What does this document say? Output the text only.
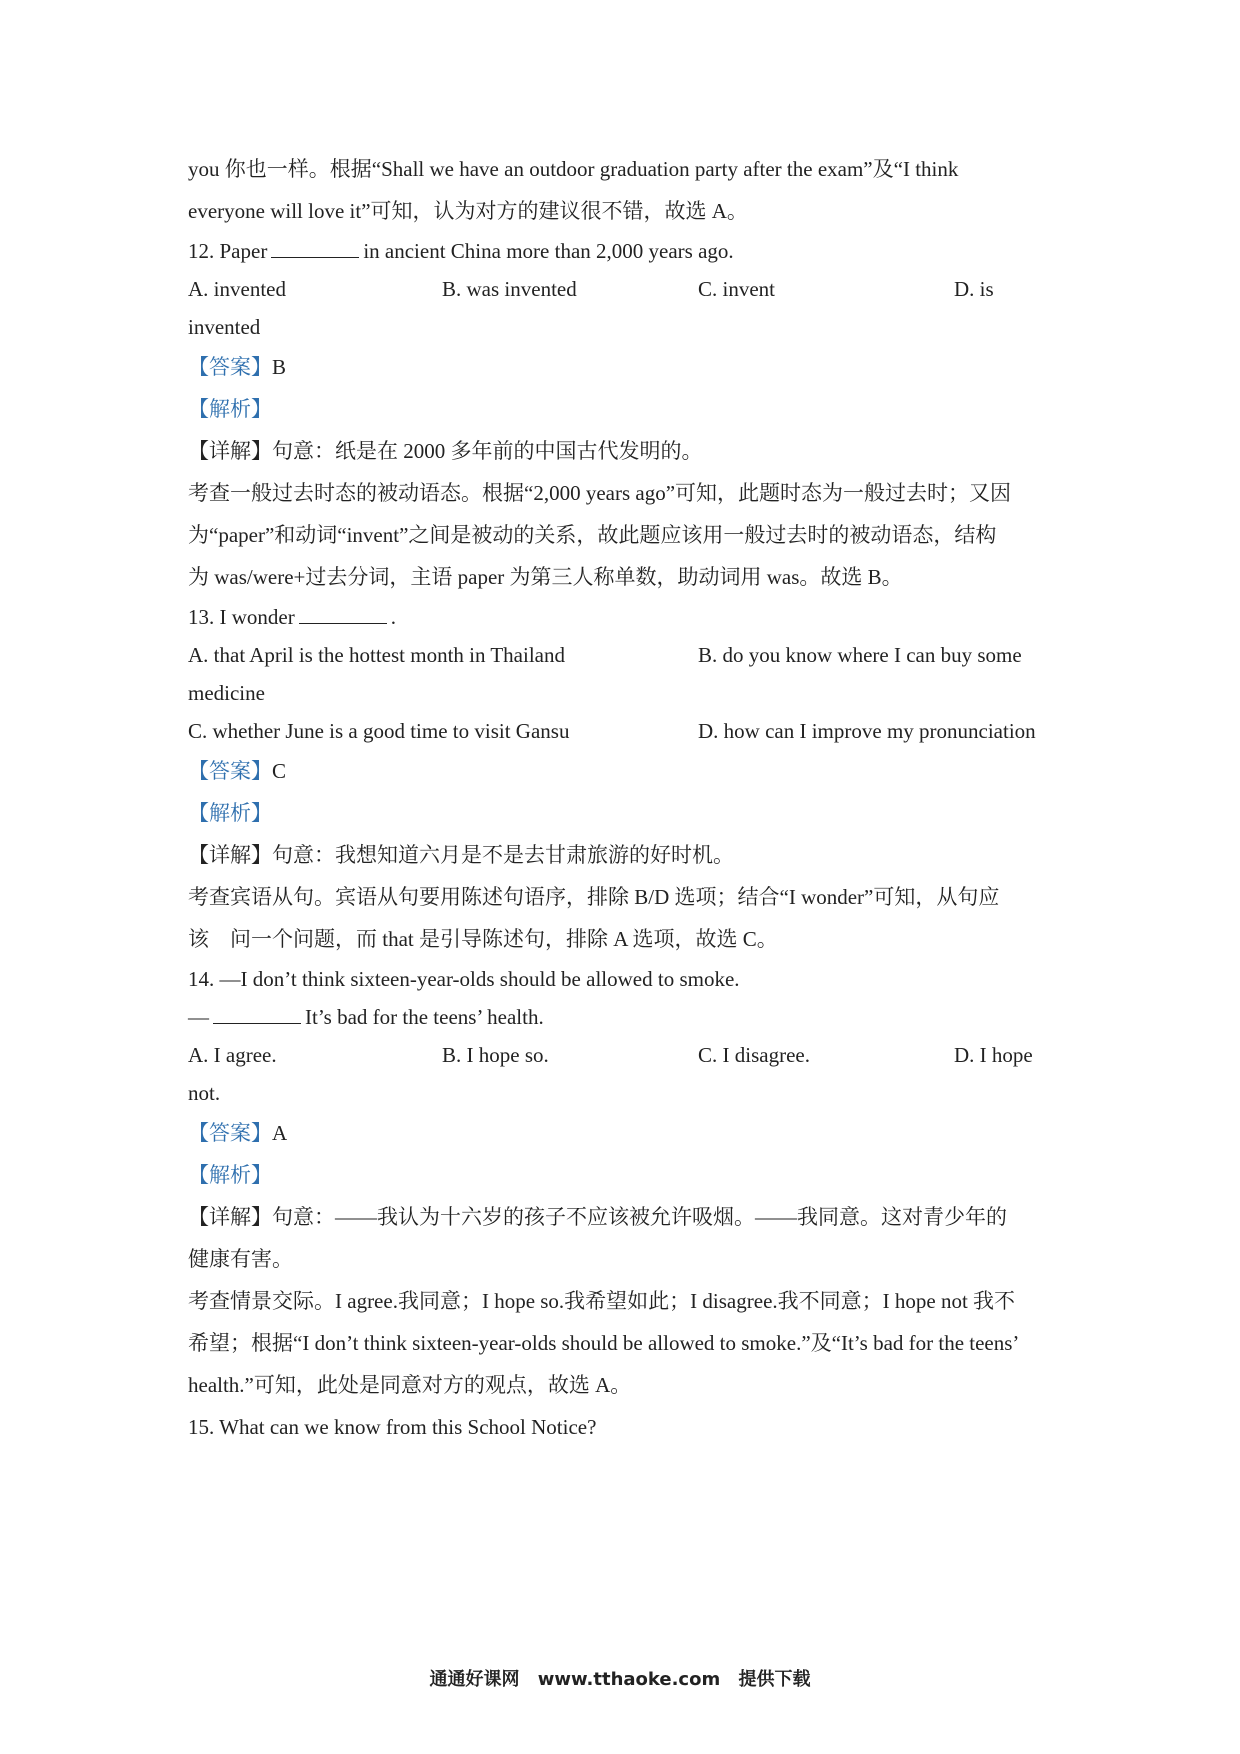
you 你也一样。根据“Shall we have an outdoor graduation party after the exam”及“I think
everyone will love it”可知，认为对方的建议很不错，故选 A。
12. Paper	in ancient China more than 2,000 years ago.
A. invented	B. was invented	C. invent	D. is
invented
【答案】B
【解析】
【详解】句意：纸是在 2000 多年前的中国古代发明的。
考查一般过去时态的被动语态。根据“2,000 years ago”可知，此题时态为一般过去时；又因
为“paper”和动词“invent”之间是被动的关系，故此题应该用一般过去时的被动语态，结构
为 was/were+过去分词，主语 paper 为第三人称单数，助动词用 was。故选 B。
13. I wonder	.
A. that April is the hottest month in Thailand	B. do you know where I can buy some
medicine
C. whether June is a good time to visit Gansu	D. how can I improve my pronunciation
【答案】C
【解析】
【详解】句意：我想知道六月是不是去甘肃旅游的好时机。
考查宾语从句。宾语从句要用陈述句语序，排除 B/D 选项；结合“I wonder”可知，从句应
该　问一个问题，而 that 是引导陈述句，排除 A 选项，故选 C。
14. —I don’t think sixteen-year-olds should be allowed to smoke.
—	It’s bad for the teens’ health.
A. I agree.	B. I hope so.	C. I disagree.	D. I hope
not.
【答案】A
【解析】
【详解】句意：——我认为十六岁的孩子不应该被允许吸烟。——我同意。这对青少年的
健康有害。
考查情景交际。I agree.我同意；I hope so.我希望如此；I disagree.我不同意；I hope not 我不
希望；根据“I don’t think sixteen-year-olds should be allowed to smoke.”及“It’s bad for the teens’
health.”可知，此处是同意对方的观点，故选 A。
15. What can we know from this School Notice?
通通好课网 www.tthaoke.com 提供下载
